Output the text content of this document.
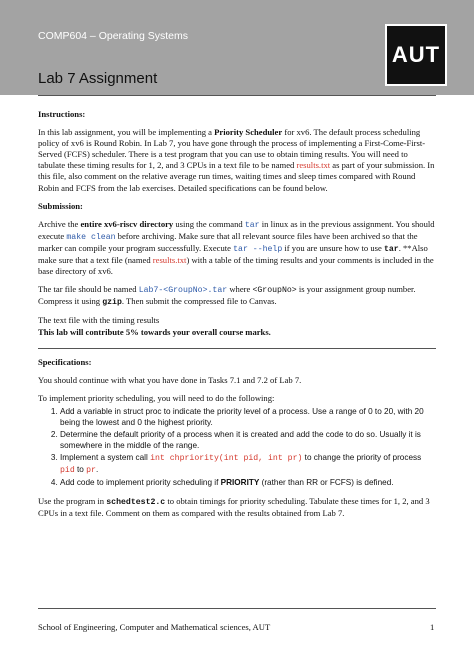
COMP604 – Operating Systems
AUT
Lab 7 Assignment

Instructions:

In this lab assignment, you will be implementing a Priority Scheduler for xv6. The default process scheduling policy of xv6 is Round Robin. In Lab 7, you have gone through the process of implementing a First-Come-First-Served (FCFS) scheduler. There is a test program that you can use to obtain timing results. You will need to tabulate these timing results for 1, 2, and 3 CPUs in a text file to be named results.txt as part of your submission. In this file, also comment on the relative average run times, waiting times and sleep times compared with Round Robin and FCFS from the lab exercises. Detailed specifications can be found below.

Submission:

Archive the entire xv6-riscv directory using the command tar in linux as in the previous assignment. You should execute make clean before archiving. Make sure that all relevant source files have been archived so that the marker can compile your program successfully. Execute tar --help if you are unsure how to use tar. **Also make sure that a text file (named results.txt) with a table of the timing results and your comments is included in the base directory of xv6.

The tar file should be named Lab7-<GroupNo>.tar where <GroupNo> is your assignment group number. Compress it using gzip. Then submit the compressed file to Canvas.

The text file with the timing results
This lab will contribute 5% towards your overall course marks.

Specifications:

You should continue with what you have done in Tasks 7.1 and 7.2 of Lab 7.

To implement priority scheduling, you will need to do the following:

1. Add a variable in struct proc to indicate the priority level of a process. Use a range of 0 to 20, with 20 being the lowest and 0 the highest priority.
2. Determine the default priority of a process when it is created and add the code to do so. Usually it is somewhere in the middle of the range.
3. Implement a system call int chpriority(int pid, int pr) to change the priority of process pid to pr.
4. Add code to implement priority scheduling if PRIORITY (rather than RR or FCFS) is defined.

Use the program in schedtest2.c to obtain timings for priority scheduling. Tabulate these times for 1, 2, and 3 CPUs in a text file. Comment on them as compared with the results obtained from Lab 7.

School of Engineering, Computer and Mathematical sciences, AUT	1
